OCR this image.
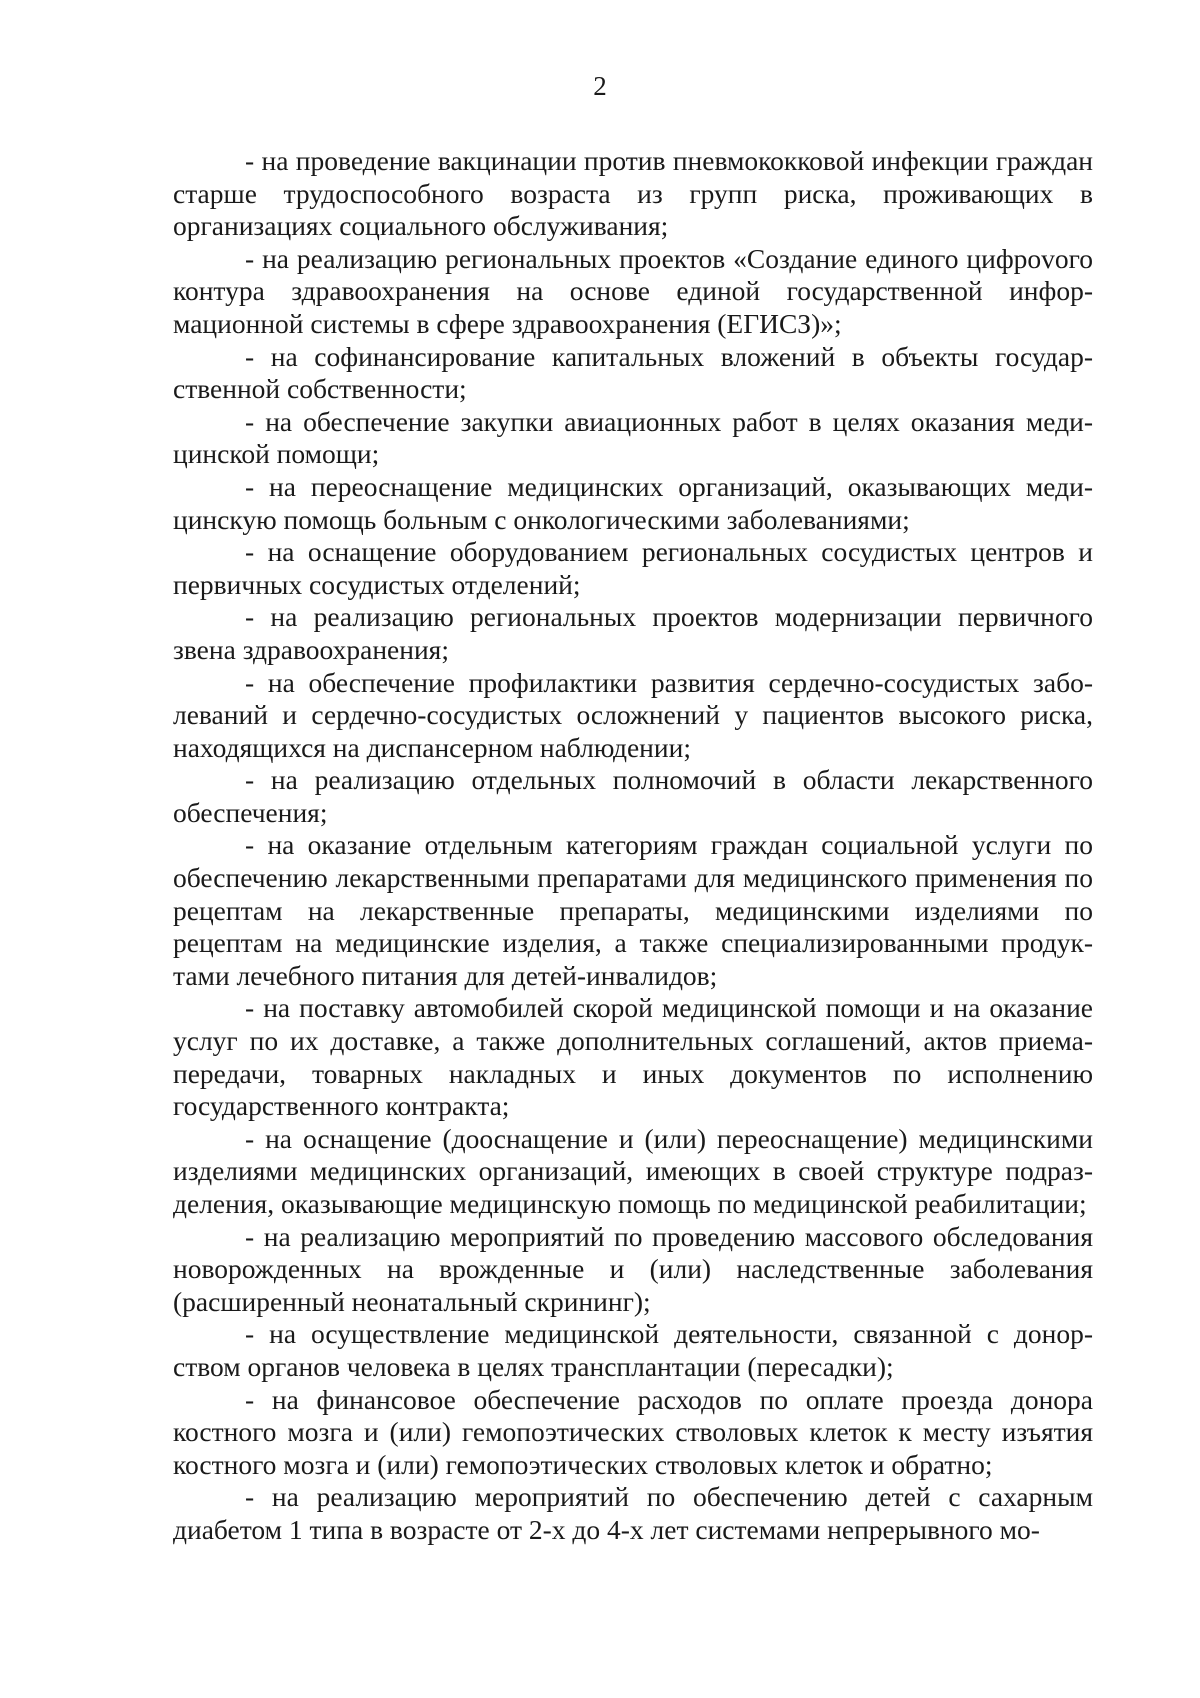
2

- на проведение вакцинации против пневмококковой инфекции граждан старше трудоспособного возраста из групп риска, проживающих в организациях социального обслуживания;

- на реализацию региональных проектов «Создание единого цифроvого контура здравоохранения на основе единой государственной информационной системы в сфере здравоохранения (ЕГИСЗ)»;

- на софинансирование капитальных вложений в объекты государственной собственности;

- на обеспечение закупки авиационных работ в целях оказания медицинской помощи;

- на переоснащение медицинских организаций, оказывающих медицинскую помощь больным с онкологическими заболеваниями;

- на оснащение оборудованием региональных сосудистых центров и первичных сосудистых отделений;

- на реализацию региональных проектов модернизации первичного звена здравоохранения;

- на обеспечение профилактики развития сердечно-сосудистых заболеваний и сердечно-сосудистых осложнений у пациентов высокого риска, находящихся на диспансерном наблюдении;

- на реализацию отдельных полномочий в области лекарственного обеспечения;

- на оказание отдельным категориям граждан социальной услуги по обеспечению лекарственными препаратами для медицинского применения по рецептам на лекарственные препараты, медицинскими изделиями по рецептам на медицинские изделия, а также специализированными продуктами лечебного питания для детей-инвалидов;

- на поставку автомобилей скорой медицинской помощи и на оказание услуг по их доставке, а также дополнительных соглашений, актов приема-передачи, товарных накладных и иных документов по исполнению государственного контракта;

- на оснащение (дооснащение и (или) переоснащение) медицинскими изделиями медицинских организаций, имеющих в своей структуре подразделения, оказывающие медицинскую помощь по медицинской реабилитации;

- на реализацию мероприятий по проведению массового обследования новорожденных на врожденные и (или) наследственные заболевания (расширенный неонатальный скрининг);

- на осуществление медицинской деятельности, связанной с донорством органов человека в целях трансплантации (пересадки);

- на финансовое обеспечение расходов по оплате проезда донора костного мозга и (или) гемопоэтических стволовых клеток к месту изъятия костного мозга и (или) гемопоэтических стволовых клеток и обратно;

- на реализацию мероприятий по обеспечению детей с сахарным диабетом 1 типа в возрасте от 2-х до 4-х лет системами непрерывного мо-
